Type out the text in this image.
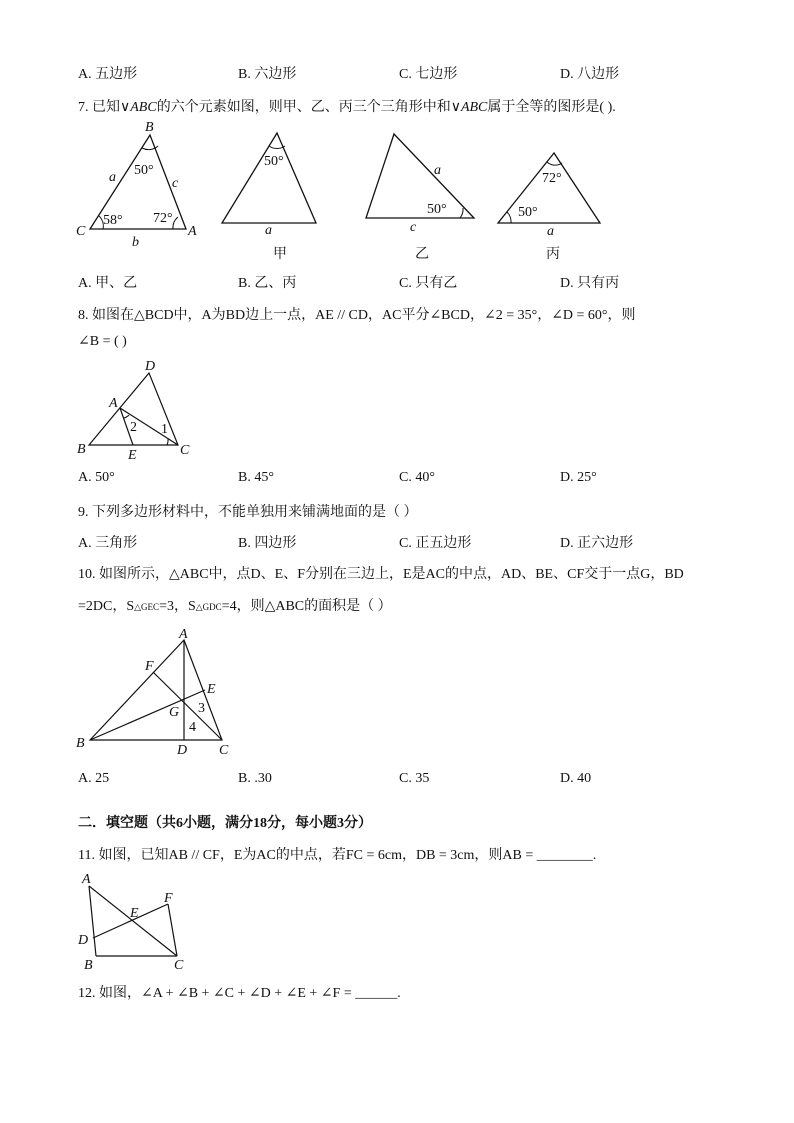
A. 五边形	B. 六边形	C. 七边形	D. 八边形
7. 已知∨ABC的六个元素如图，则甲、乙、丙三个三角形中和∨ABC属于全等的图形是( ).
B
C	A
a	c
b
50°
58° 72°
50°
a
甲
a
c
50°
乙
72°
50°
a
丙
A. 甲、乙	B. 乙、丙	C. 只有乙	D. 只有丙
8. 如图在△BCD中，A为BD边上一点，AE // CD，AC平分∠BCD，∠2 = 35°，∠D = 60°，则
∠B = ( )
D
A
B	E	C
2 1
A. 50°	B. 45°	C. 40°	D. 25°
9. 下列多边形材料中，不能单独用来铺满地面的是（ ）
A. 三角形	B. 四边形	C. 正五边形	D. 正六边形
10. 如图所示，△ABC中，点D、E、F分别在三边上，E是AC的中点，AD、BE、CF交于一点G，BD
=2DC，S△GEC=3，S△GDC=4，则△ABC的面积是（ ）
A
F
E
G
B	D C
3
4
A. 25	B. .30	C. 35	D. 40
二．填空题（共6小题，满分18分，每小题3分）
11. 如图，已知AB // CF，E为AC的中点，若FC = 6cm，DB = 3cm，则AB = ________.
A
E
F
D
B	C
12. 如图，∠A + ∠B + ∠C + ∠D + ∠E + ∠F = ______.
